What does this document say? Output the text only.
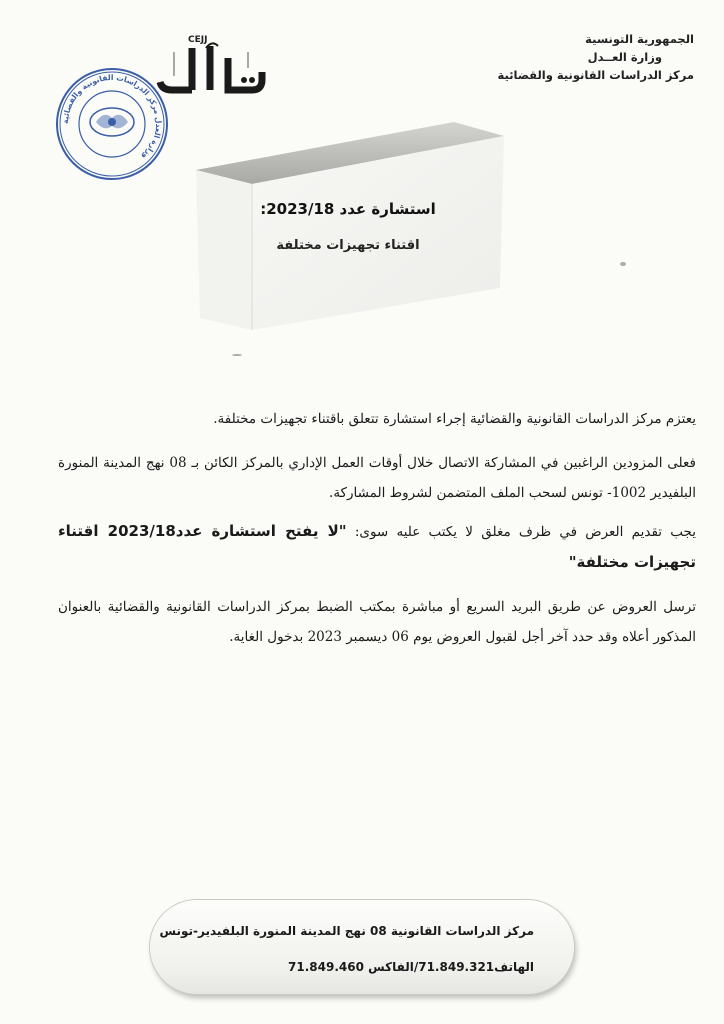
الجمهورية التونسية
وزارة العــدل
مركز الدراسات القانونية والقضائية
CEJJ
وزارة العدل مركز الدراسات القانونية والقضائية
استشارة عدد 2023/18:
اقتناء تجهيزات مختلفة
يعتزم مركز الدراسات القانونية والقضائية إجراء استشارة تتعلق باقتناء تجهيزات مختلفة.
فعلى المزودين الراغبين في المشاركة الاتصال خلال أوقات العمل الإداري بالمركز الكائن بـ 08 نهج المدينة المنورة البلفيدير 1002- تونس لسحب الملف المتضمن لشروط المشاركة.
يجب تقديم العرض في ظرف مغلق لا يكتب عليه سوى: "لا يفتح استشارة عدد2023/18 اقتناء تجهيزات مختلفة"
ترسل العروض عن طريق البريد السريع أو مباشرة بمكتب الضبط بمركز الدراسات القانونية والقضائية بالعنوان المذكور أعلاه وقد حدد آخر أجل لقبول العروض يوم 06 ديسمبر 2023 بدخول الغاية.
مركز الدراسات القانونية 08 نهج المدينة المنورة البلفيدير-تونس
الهاتف71.849.321/الفاكس 71.849.460
